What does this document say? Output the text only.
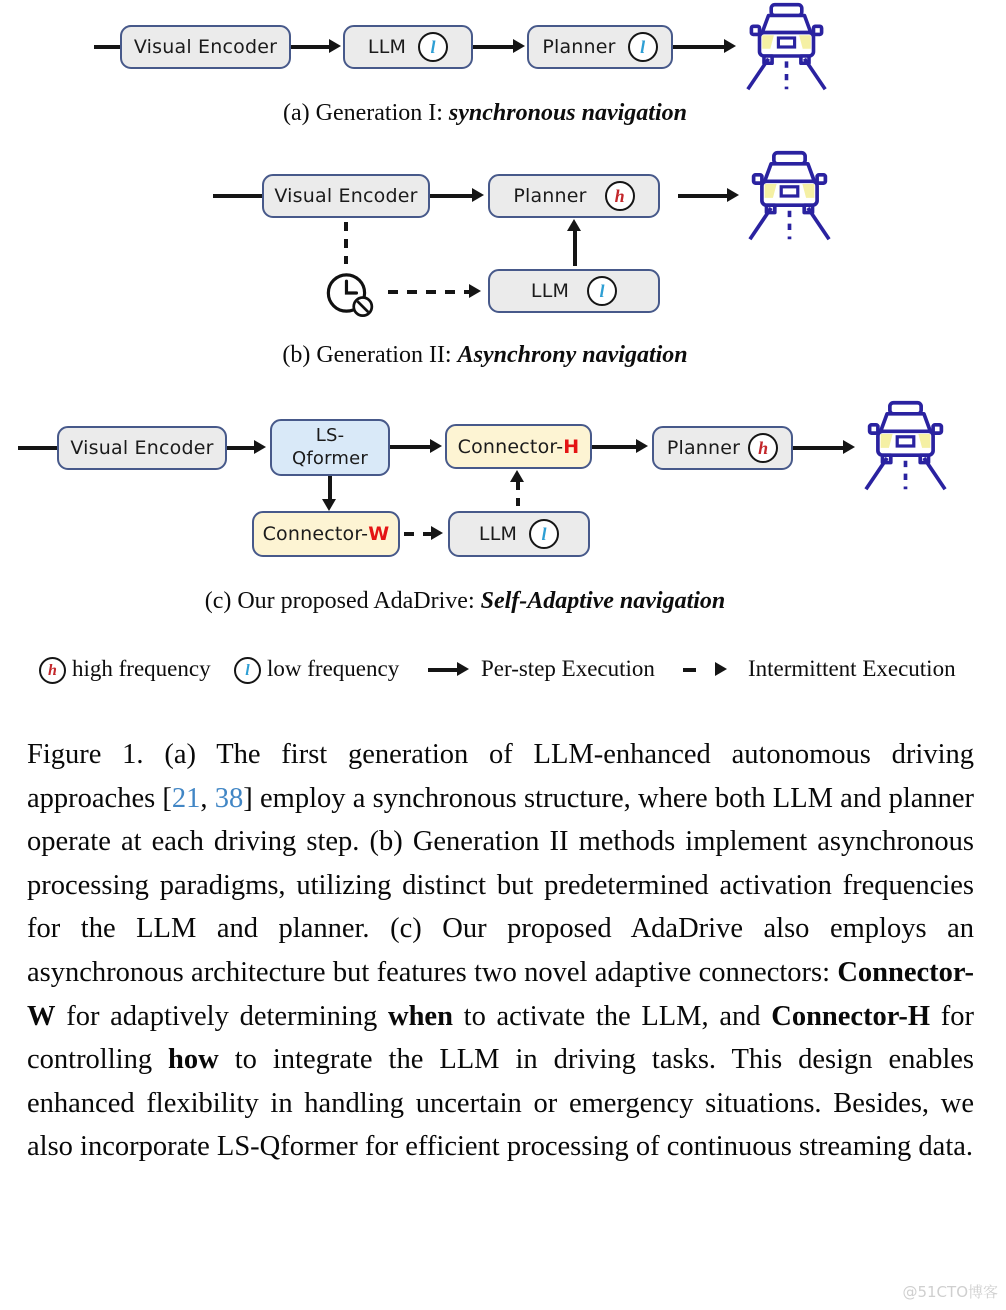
Visual Encoder	LLM	l	Planner	l
(a) Generation I: synchronous navigation
Visual Encoder	Planner	h
LLM	l
(b) Generation II: Asynchrony navigation
Visual Encoder
LS-
Qformer
Connector- H	Planner h
Connector- W	LLM	l
(c) Our proposed AdaDrive: Self-Adaptive navigation
h high frequency	l low frequency	Per-step Execution	Intermittent Execution
Figure 1. (a) The first generation of LLM-enhanced autonomous driving approaches [21, 38] employ a synchronous structure, where both LLM and planner operate at each driving step. (b) Generation II methods implement asynchronous processing paradigms, utilizing distinct but predetermined activation frequencies for the LLM and planner. (c) Our proposed AdaDrive also employs an asynchronous architecture but features two novel adaptive connectors: Connector-W for adaptively determining when to activate the LLM, and Connector-H for controlling how to integrate the LLM in driving tasks. This design enables enhanced flexibility in handling uncertain or emergency situations. Besides, we also incorporate LS-Qformer for efficient processing of continuous streaming data.
@51CTO博客
